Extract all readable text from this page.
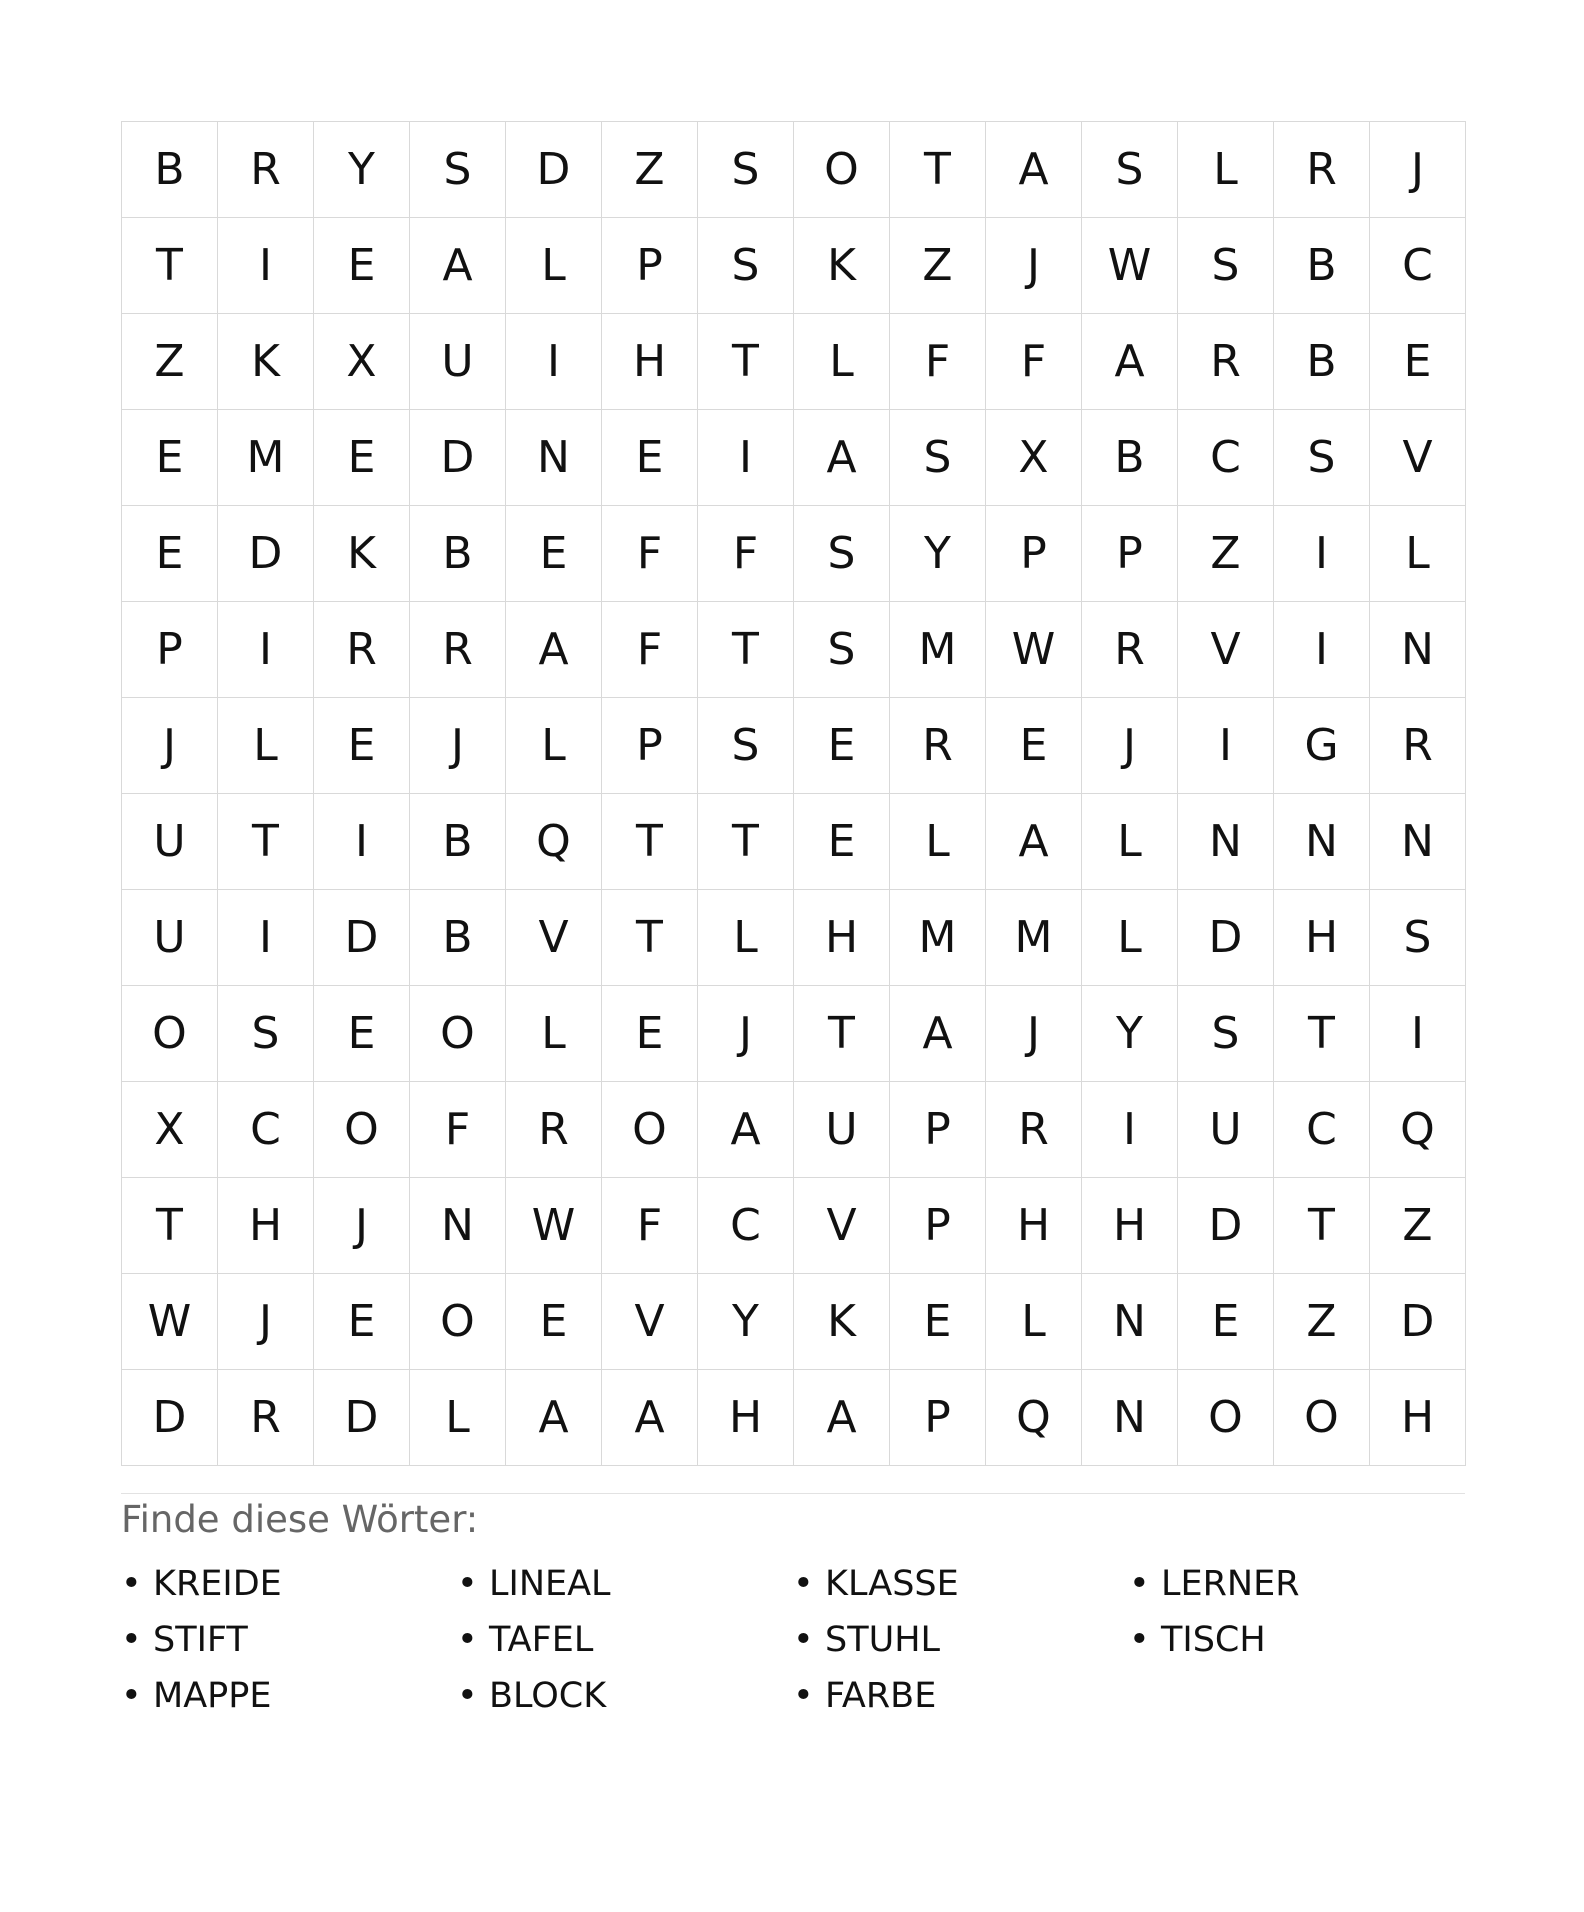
B	R	Y	S	D	Z	S	O	T	A	S	L	R	J
T	I	E	A	L	P	S	K	Z	J	W	S	B	C
Z	K	X	U	I	H	T	L	F	F	A	R	B	E
E	M	E	D	N	E	I	A	S	X	B	C	S	V
E	D	K	B	E	F	F	S	Y	P	P	Z	I	L
P	I	R	R	A	F	T	S	M	W	R	V	I	N
J	L	E	J	L	P	S	E	R	E	J	I	G	R
U	T	I	B	Q	T	T	E	L	A	L	N	N	N
U	I	D	B	V	T	L	H	M	M	L	D	H	S
O	S	E	O	L	E	J	T	A	J	Y	S	T	I
X	C	O	F	R	O	A	U	P	R	I	U	C	Q
T	H	J	N	W	F	C	V	P	H	H	D	T	Z
W	J	E	O	E	V	Y	K	E	L	N	E	Z	D
D	R	D	L	A	A	H	A	P	Q	N	O	O	H
Finde diese Wörter:
• KREIDE	• LINEAL	• KLASSE	• LERNER
• STIFT	• TAFEL	• STUHL	• TISCH
• MAPPE	• BLOCK	• FARBE
